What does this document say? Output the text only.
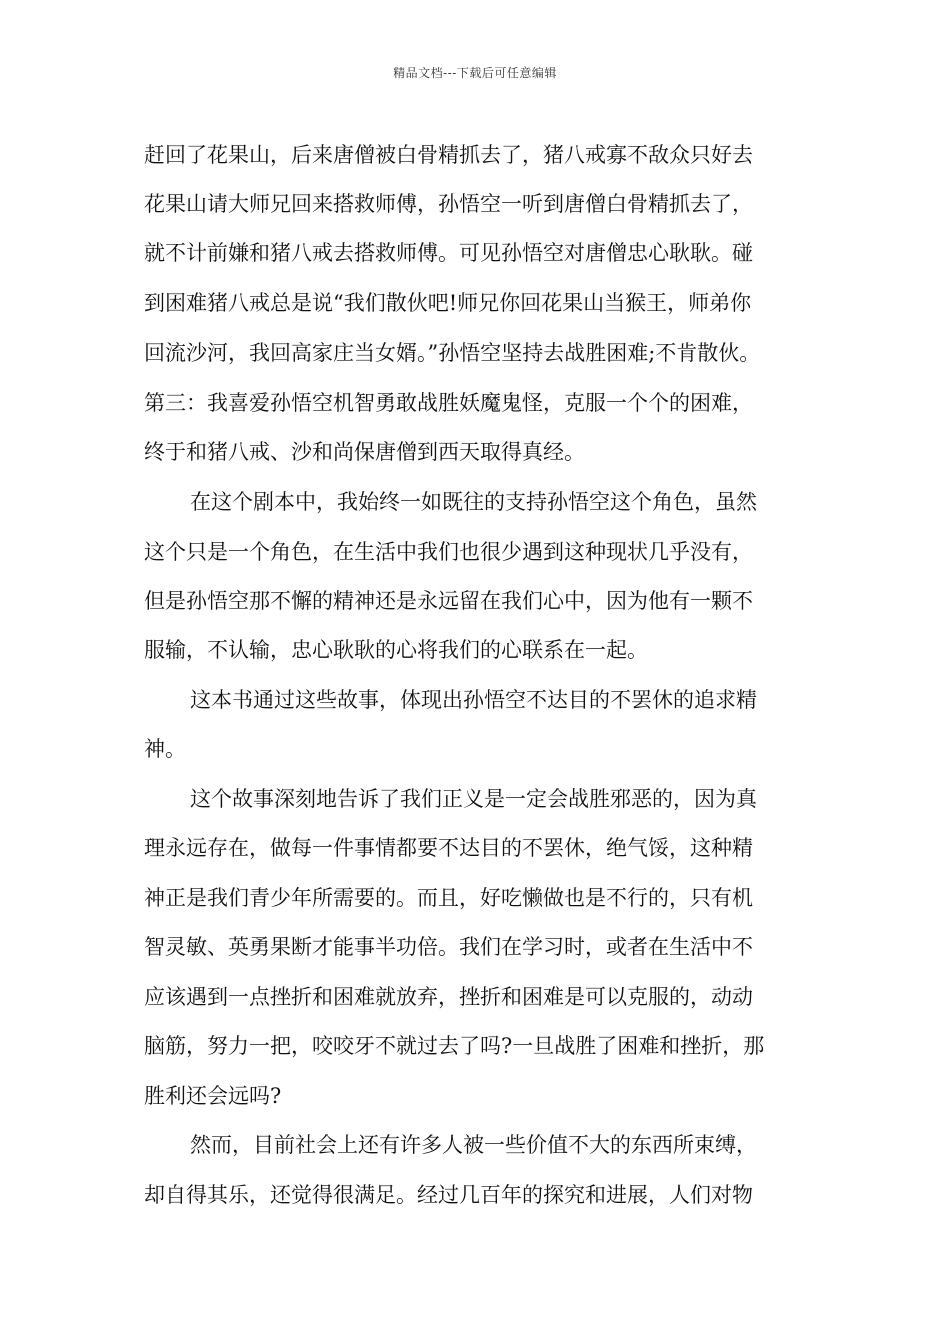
精品文档---下载后可任意编辑
赶回了花果山，后来唐僧被白骨精抓去了，猪八戒寡不敌众只好去
花果山请大师兄回来搭救师傅，孙悟空一听到唐僧白骨精抓去了，
就不计前嫌和猪八戒去搭救师傅。可见孙悟空对唐僧忠心耿耿。碰
到困难猪八戒总是说“我们散伙吧!师兄你回花果山当猴王，师弟你
回流沙河，我回高家庄当女婿。”孙悟空坚持去战胜困难;不肯散伙。
第三：我喜爱孙悟空机智勇敢战胜妖魔鬼怪，克服一个个的困难，
终于和猪八戒、沙和尚保唐僧到西天取得真经。
在这个剧本中，我始终一如既往的支持孙悟空这个角色，虽然
这个只是一个角色，在生活中我们也很少遇到这种现状几乎没有，
但是孙悟空那不懈的精神还是永远留在我们心中，因为他有一颗不
服输，不认输，忠心耿耿的心将我们的心联系在一起。
这本书通过这些故事，体现出孙悟空不达目的不罢休的追求精
神。
这个故事深刻地告诉了我们正义是一定会战胜邪恶的，因为真
理永远存在，做每一件事情都要不达目的不罢休，绝气馁，这种精
神正是我们青少年所需要的。而且，好吃懒做也是不行的，只有机
智灵敏、英勇果断才能事半功倍。我们在学习时，或者在生活中不
应该遇到一点挫折和困难就放弃，挫折和困难是可以克服的，动动
脑筋，努力一把，咬咬牙不就过去了吗?一旦战胜了困难和挫折，那
胜利还会远吗?
然而，目前社会上还有许多人被一些价值不大的东西所束缚，
却自得其乐，还觉得很满足。经过几百年的探究和进展，人们对物
